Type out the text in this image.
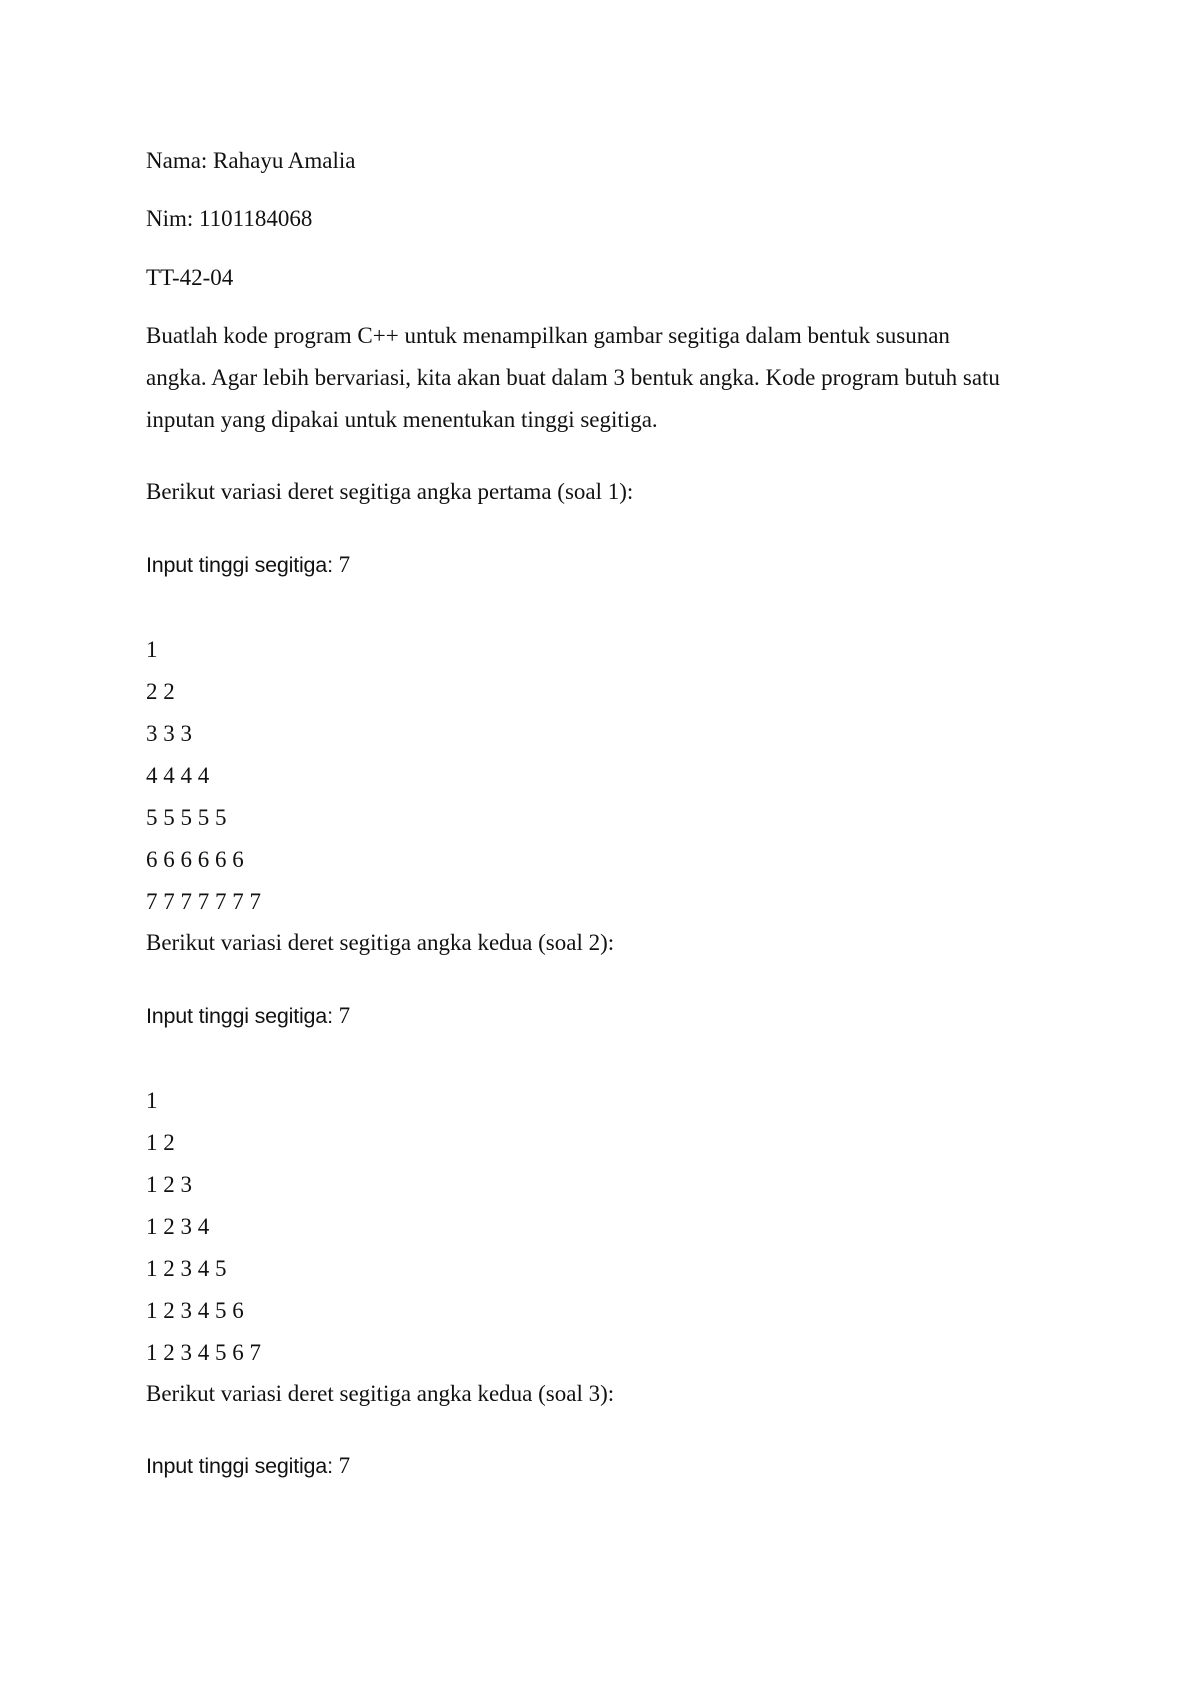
Nama: Rahayu Amalia

Nim: 1101184068

TT-42-04

Buatlah kode program C++ untuk menampilkan gambar segitiga dalam bentuk susunan
angka. Agar lebih bervariasi, kita akan buat dalam 3 bentuk angka. Kode program butuh satu
inputan yang dipakai untuk menentukan tinggi segitiga.

Berikut variasi deret segitiga angka pertama (soal 1):

Input tinggi segitiga: 7

1
2 2
3 3 3
4 4 4 4
5 5 5 5 5
6 6 6 6 6 6
7 7 7 7 7 7 7

Berikut variasi deret segitiga angka kedua (soal 2):

Input tinggi segitiga: 7

1
1 2
1 2 3
1 2 3 4
1 2 3 4 5
1 2 3 4 5 6
1 2 3 4 5 6 7

Berikut variasi deret segitiga angka kedua (soal 3):

Input tinggi segitiga: 7
